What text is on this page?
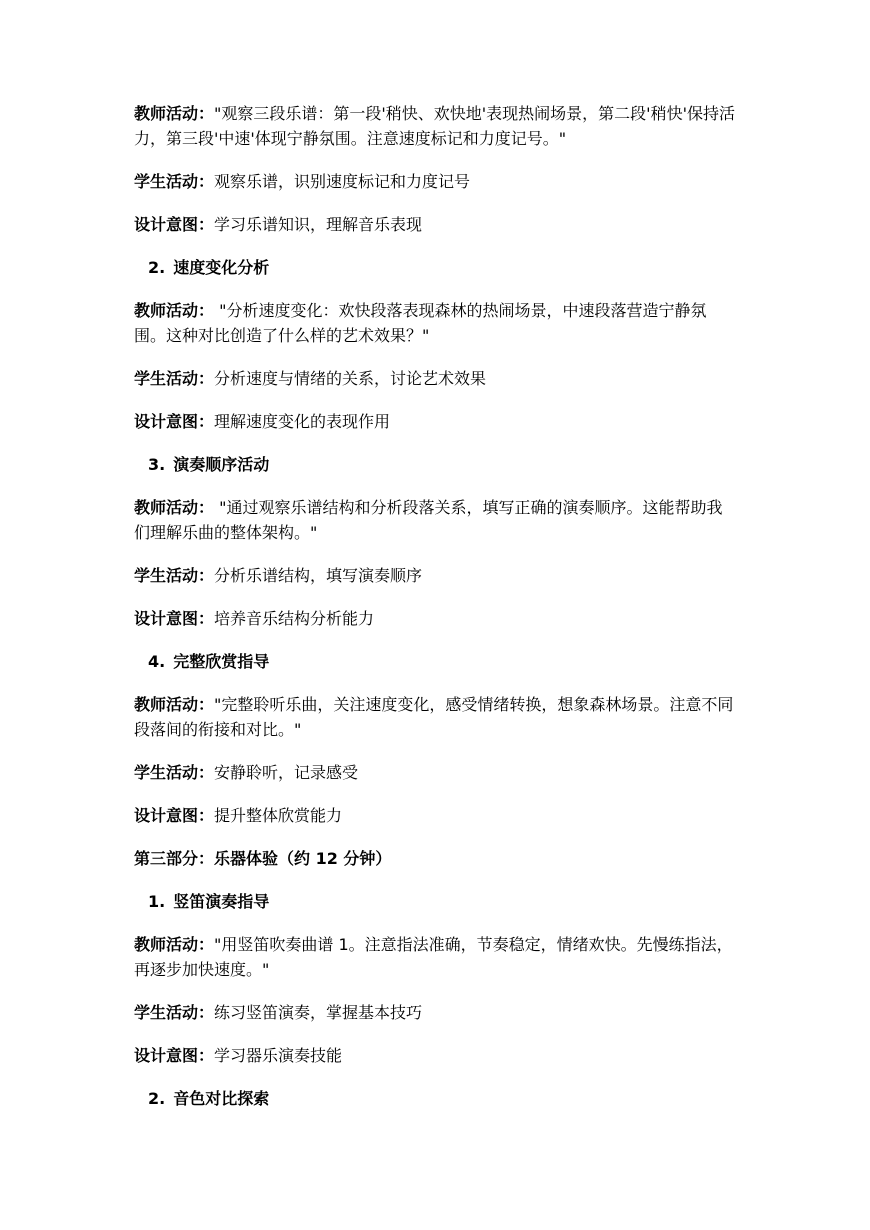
教师活动："观察三段乐谱：第一段'稍快、欢快地'表现热闹场景，第二段'稍快'保持活力，第三段'中速'体现宁静氛围。注意速度标记和力度记号。"

学生活动：观察乐谱，识别速度标记和力度记号

设计意图：学习乐谱知识，理解音乐表现

2. 速度变化分析

教师活动： "分析速度变化：欢快段落表现森林的热闹场景，中速段落营造宁静氛围。这种对比创造了什么样的艺术效果？"

学生活动：分析速度与情绪的关系，讨论艺术效果

设计意图：理解速度变化的表现作用

3. 演奏顺序活动

教师活动： "通过观察乐谱结构和分析段落关系，填写正确的演奏顺序。这能帮助我们理解乐曲的整体架构。"

学生活动：分析乐谱结构，填写演奏顺序

设计意图：培养音乐结构分析能力

4. 完整欣赏指导

教师活动："完整聆听乐曲，关注速度变化，感受情绪转换，想象森林场景。注意不同段落间的衔接和对比。"

学生活动：安静聆听，记录感受

设计意图：提升整体欣赏能力

第三部分：乐器体验（约 12 分钟）
1. 竖笛演奏指导

教师活动："用竖笛吹奏曲谱 1。注意指法准确，节奏稳定，情绪欢快。先慢练指法，再逐步加快速度。"

学生活动：练习竖笛演奏，掌握基本技巧

设计意图：学习器乐演奏技能

2. 音色对比探索
